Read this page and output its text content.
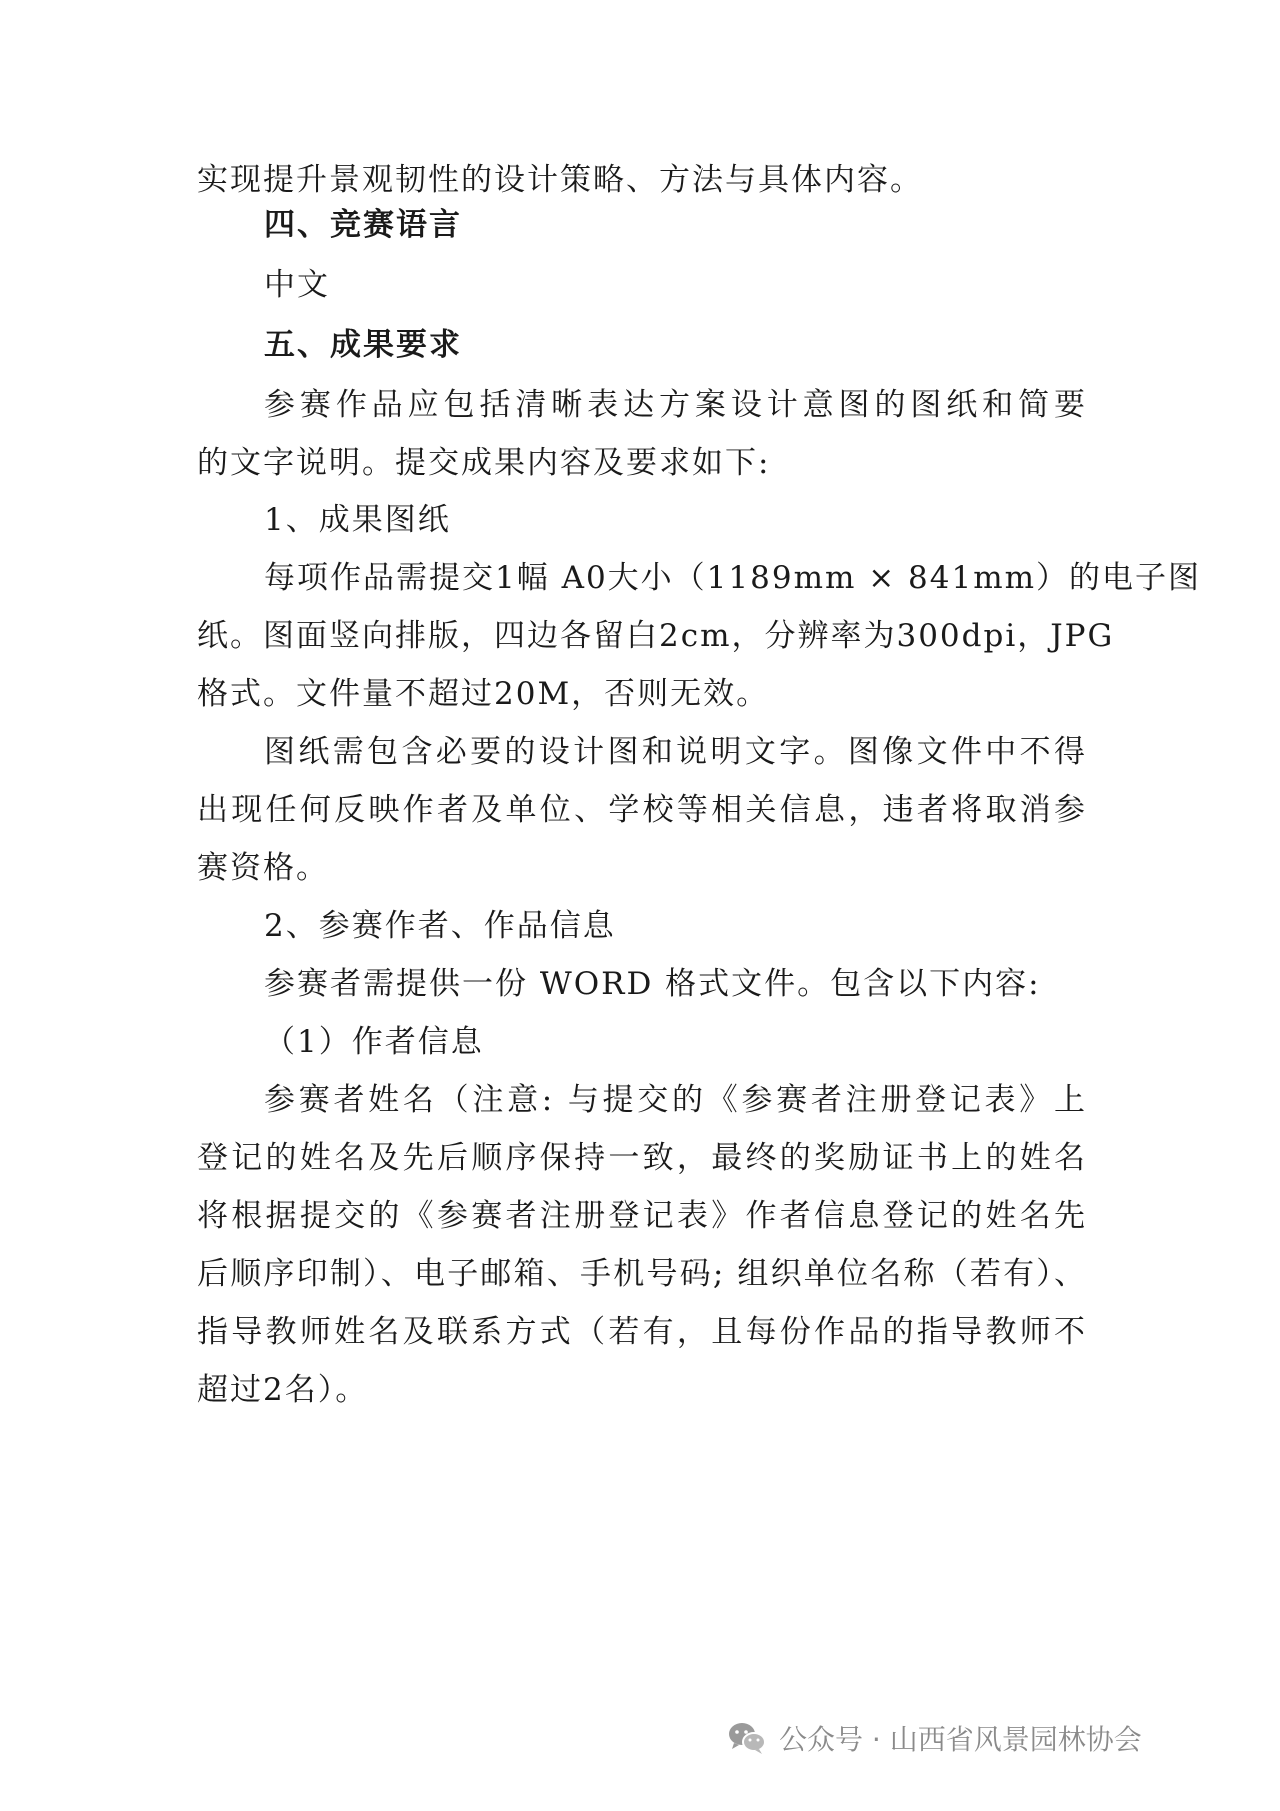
实现提升景观韧性的设计策略、方法与具体内容。
四、竞赛语言
中文
五、成果要求
参赛作品应包括清晰表达方案设计意图的图纸和简要
的文字说明。提交成果内容及要求如下:
1、成果图纸
每项作品需提交1幅 A0大小（1189mm × 841mm）的电子图
纸。图面竖向排版，四边各留白2cm，分辨率为300dpi，JPG
格式。文件量不超过20M，否则无效。
图纸需包含必要的设计图和说明文字。图像文件中不得
出现任何反映作者及单位、学校等相关信息，违者将取消参
赛资格。
2、参赛作者、作品信息
参赛者需提供一份 WORD 格式文件。包含以下内容:
（1）作者信息
参赛者姓名（注意: 与提交的《参赛者注册登记表》上
登记的姓名及先后顺序保持一致，最终的奖励证书上的姓名
将根据提交的《参赛者注册登记表》作者信息登记的姓名先
后顺序印制）、电子邮箱、手机号码; 组织单位名称（若有）、
指导教师姓名及联系方式（若有，且每份作品的指导教师不
超过2名）。
公众号 · 山西省风景园林协会
